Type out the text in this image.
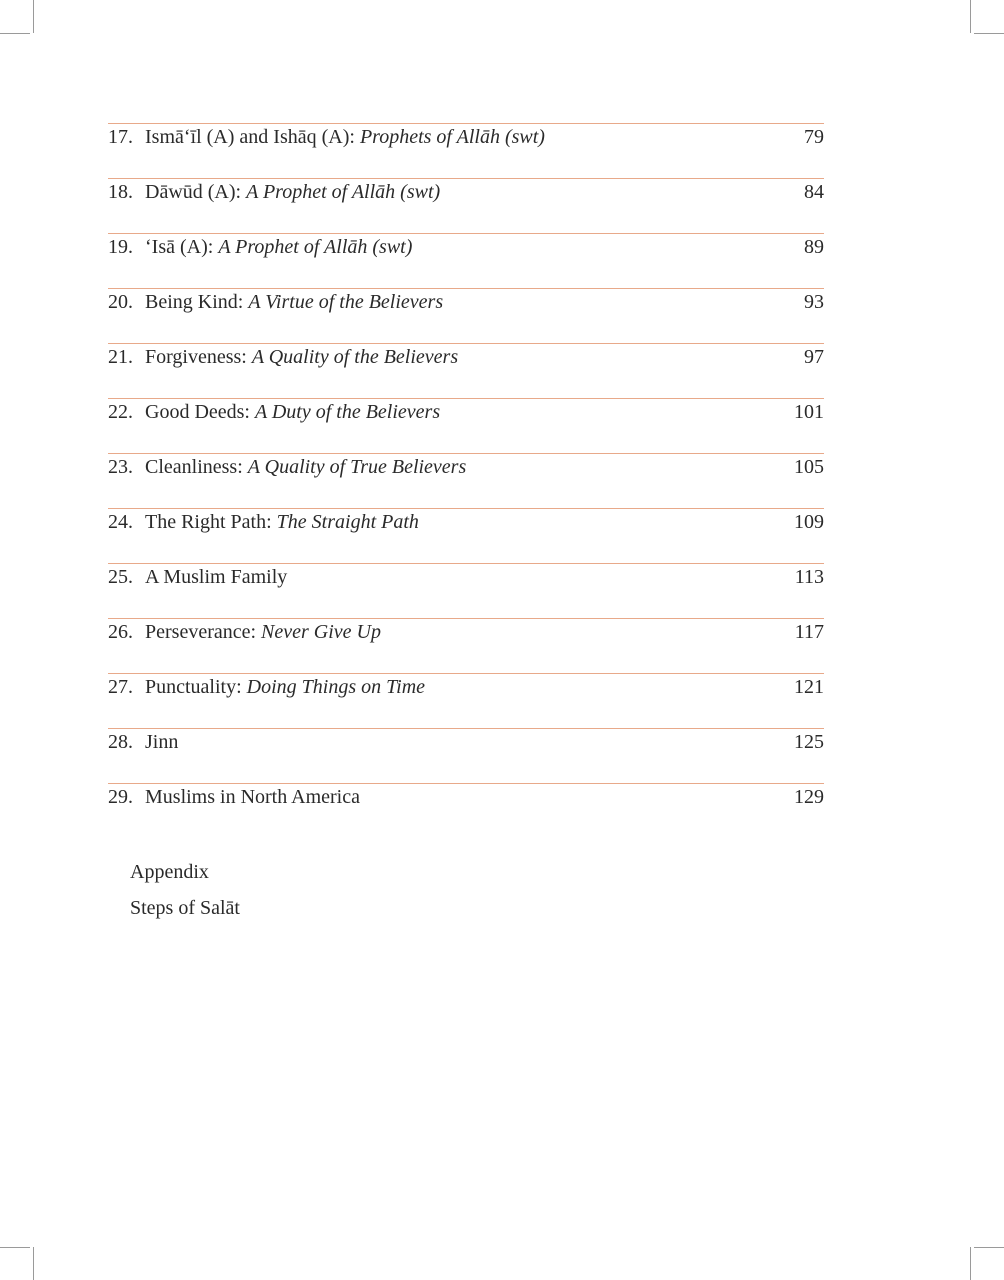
17. Ismā‘īl (A) and Ishāq (A): Prophets of Allāh (swt)	79
18. Dāwūd (A): A Prophet of Allāh (swt)	84
19. ‘Isā (A): A Prophet of Allāh (swt)	89
20. Being Kind: A Virtue of the Believers	93
21. Forgiveness: A Quality of the Believers	97
22. Good Deeds: A Duty of the Believers	101
23. Cleanliness: A Quality of True Believers	105
24. The Right Path: The Straight Path	109
25. A Muslim Family	113
26. Perseverance: Never Give Up	117
27. Punctuality: Doing Things on Time	121
28. Jinn	125
29. Muslims in North America	129
Appendix
Steps of Salāt
